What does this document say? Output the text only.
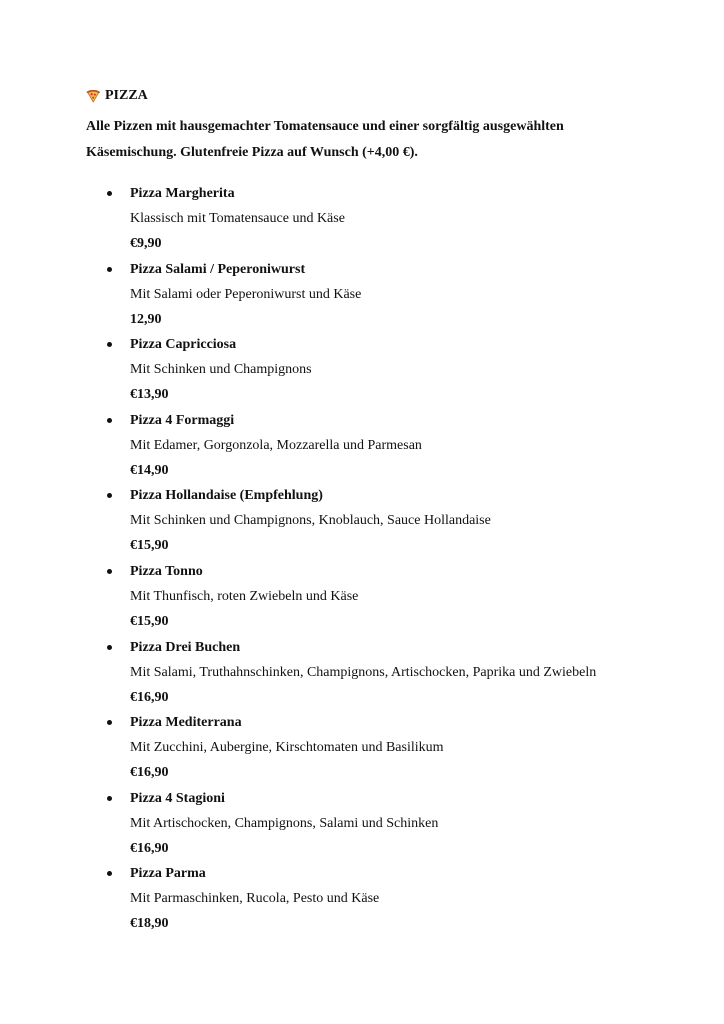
PIZZA
Alle Pizzen mit hausgemachter Tomatensauce und einer sorgfältig ausgewählten Käsemischung. Glutenfreie Pizza auf Wunsch (+4,00 €).
Pizza Margherita
Klassisch mit Tomatensauce und Käse
€9,90
Pizza Salami / Peperoniwurst
Mit Salami oder Peperoniwurst und Käse
12,90
Pizza Capricciosa
Mit Schinken und Champignons
€13,90
Pizza 4 Formaggi
Mit Edamer, Gorgonzola, Mozzarella und Parmesan
€14,90
Pizza Hollandaise (Empfehlung)
Mit Schinken und Champignons, Knoblauch, Sauce Hollandaise
€15,90
Pizza Tonno
Mit Thunfisch, roten Zwiebeln und Käse
€15,90
Pizza Drei Buchen
Mit Salami, Truthahnschinken, Champignons, Artischocken, Paprika und Zwiebeln
€16,90
Pizza Mediterrana
Mit Zucchini, Aubergine, Kirschtomaten und Basilikum
€16,90
Pizza 4 Stagioni
Mit Artischocken, Champignons, Salami und Schinken
€16,90
Pizza Parma
Mit Parmaschinken, Rucola, Pesto und Käse
€18,90
